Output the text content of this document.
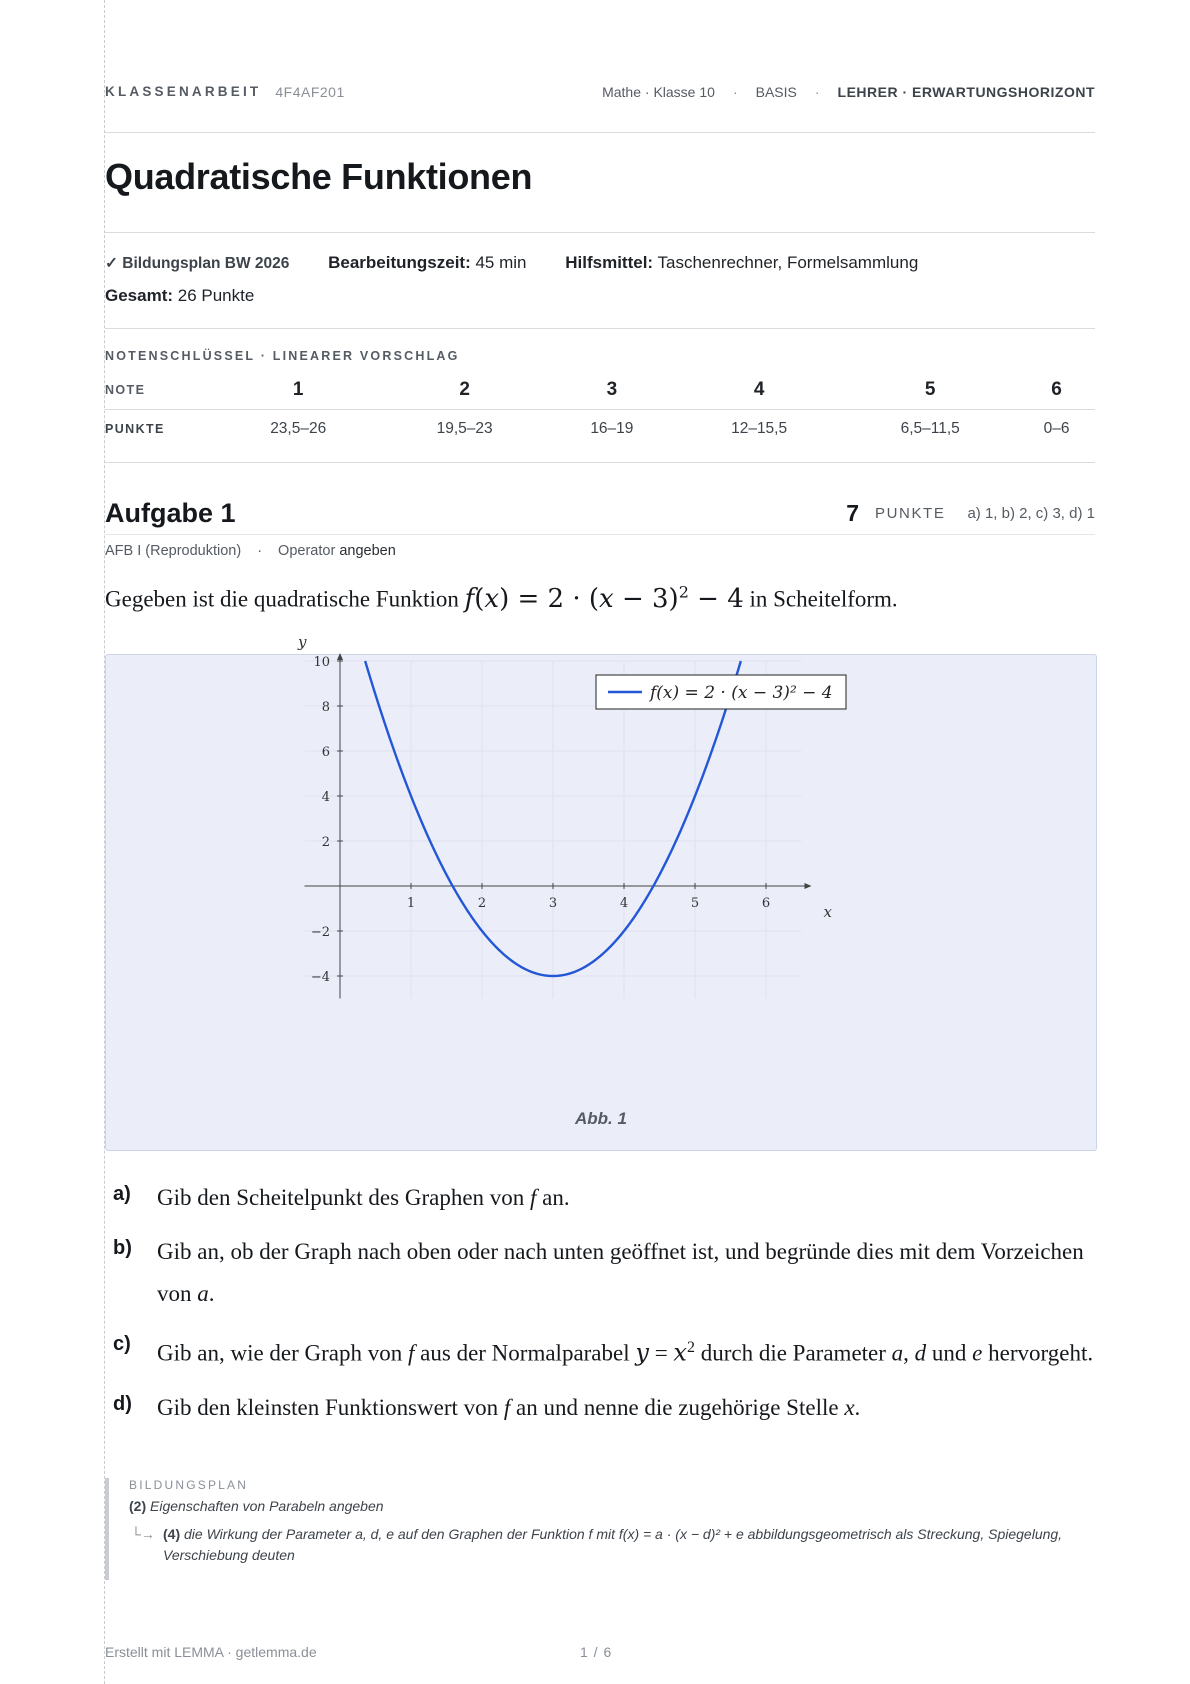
KLASSENARBEIT 4F4AF201	Mathe · Klasse 10 · BASIS · LEHRER · ERWARTUNGSHORIZONT
Quadratische Funktionen
✓ Bildungsplan BW 2026 Bearbeitungszeit: 45 min Hilfsmittel: Taschenrechner, Formelsammlung
Gesamt: 26 Punkte
NOTENSCHLÜSSEL · LINEARER VORSCHLAG
NOTE	1	2	3	4	5	6
PUNKTE	23,5–26	19,5–23	16–19	12–15,5	6,5–11,5	0–6
Aufgabe 1	7 PUNKTE a) 1, b) 2, c) 3, d) 1
AFB I (Reproduktion) · Operator angeben
Gegeben ist die quadratische Funktion $f(x) = 2 \cdot (x - 3)^2 - 4$ in Scheitelform.
1	2	3	4	5	6
−4
−2
2
4
6
8
10
f(x) = 2 · (x − 3)² − 4
x
y
Abb. 1
a) Gib den Scheitelpunkt des Graphen von f an.
b) Gib an, ob der Graph nach oben oder nach unten geöffnet ist, und begründe dies mit dem Vorzeichen von a.
c) Gib an, wie der Graph von f aus der Normalparabel $y = x^2$ durch die Parameter a, d und e hervorgeht.
d) Gib den kleinsten Funktionswert von f an und nenne die zugehörige Stelle x.
BILDUNGSPLAN
(2) Eigenschaften von Parabeln angeben
└→ (4) die Wirkung der Parameter a, d, e auf den Graphen der Funktion f mit f(x) = a · (x − d)² + e abbildungsgeometrisch als Streckung, Spiegelung, Verschiebung deuten
Erstellt mit LEMMA · getlemma.de	1 / 6
